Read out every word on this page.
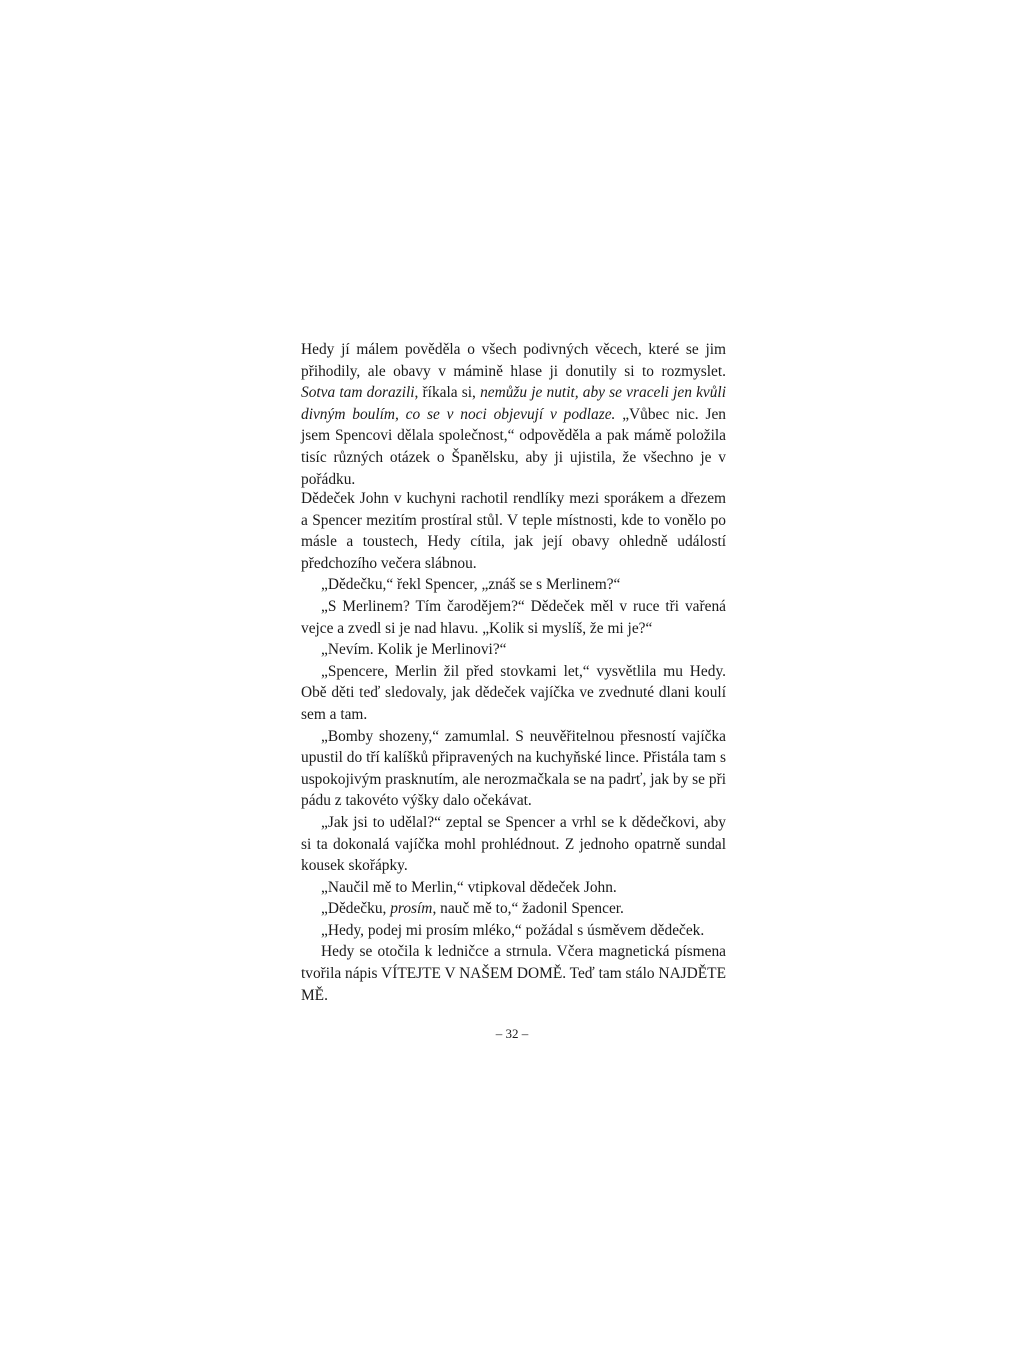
Hedy jí málem pověděla o všech podivných věcech, které se jim přihodily, ale obavy v mámině hlase ji donutily si to rozmyslet. Sotva tam dorazili, říkala si, nemůžu je nutit, aby se vraceli jen kvůli divným boulím, co se v noci objevují v podlaze. „Vůbec nic. Jen jsem Spencovi dělala společnost,“ odpověděla a pak mámě položila tisíc různých otázek o Španělsku, aby ji ujistila, že všechno je v pořádku.

Dědeček John v kuchyni rachotil rendlíky mezi sporákem a dřezem a Spencer mezitím prostíral stůl. V teple místnosti, kde to vonělo po másle a toustech, Hedy cítila, jak její obavy ohledně událostí předchozího večera slábnou.

„Dědečku,“ řekl Spencer, „znáš se s Merlinem?“

„S Merlinem? Tím čarodějem?“ Dědeček měl v ruce tři vařená vejce a zvedl si je nad hlavu. „Kolik si myslíš, že mi je?“

„Nevím. Kolik je Merlinovi?“

„Spencere, Merlin žil před stovkami let,“ vysvětlila mu Hedy. Obě děti teď sledovaly, jak dědeček vajíčka ve zvednuté dlani koulí sem a tam.

„Bomby shozeny,“ zamumlal. S neuvěřitelnou přesností vajíčka upustil do tří kalíšků připravených na kuchyňské lince. Přistála tam s uspokojivým prasknutím, ale nerozmačkala se na padrť, jak by se při pádu z takovéto výšky dalo očekávat.

„Jak jsi to udělal?“ zeptal se Spencer a vrhl se k dědečkovi, aby si ta dokonalá vajíčka mohl prohlédnout. Z jednoho opatrně sundal kousek skořápky.

„Naučil mě to Merlin,“ vtipkoval dědeček John.

„Dědečku, prosím, nauč mě to,“ žadonil Spencer.

„Hedy, podej mi prosím mléko,“ požádal s úsměvem dědeček.

Hedy se otočila k ledničce a strnula. Včera magnetická písmena tvořila nápis VÍTEJTE V NAŠEM DOMĚ. Teď tam stálo NAJDĚTE MĚ.

– 32 –
